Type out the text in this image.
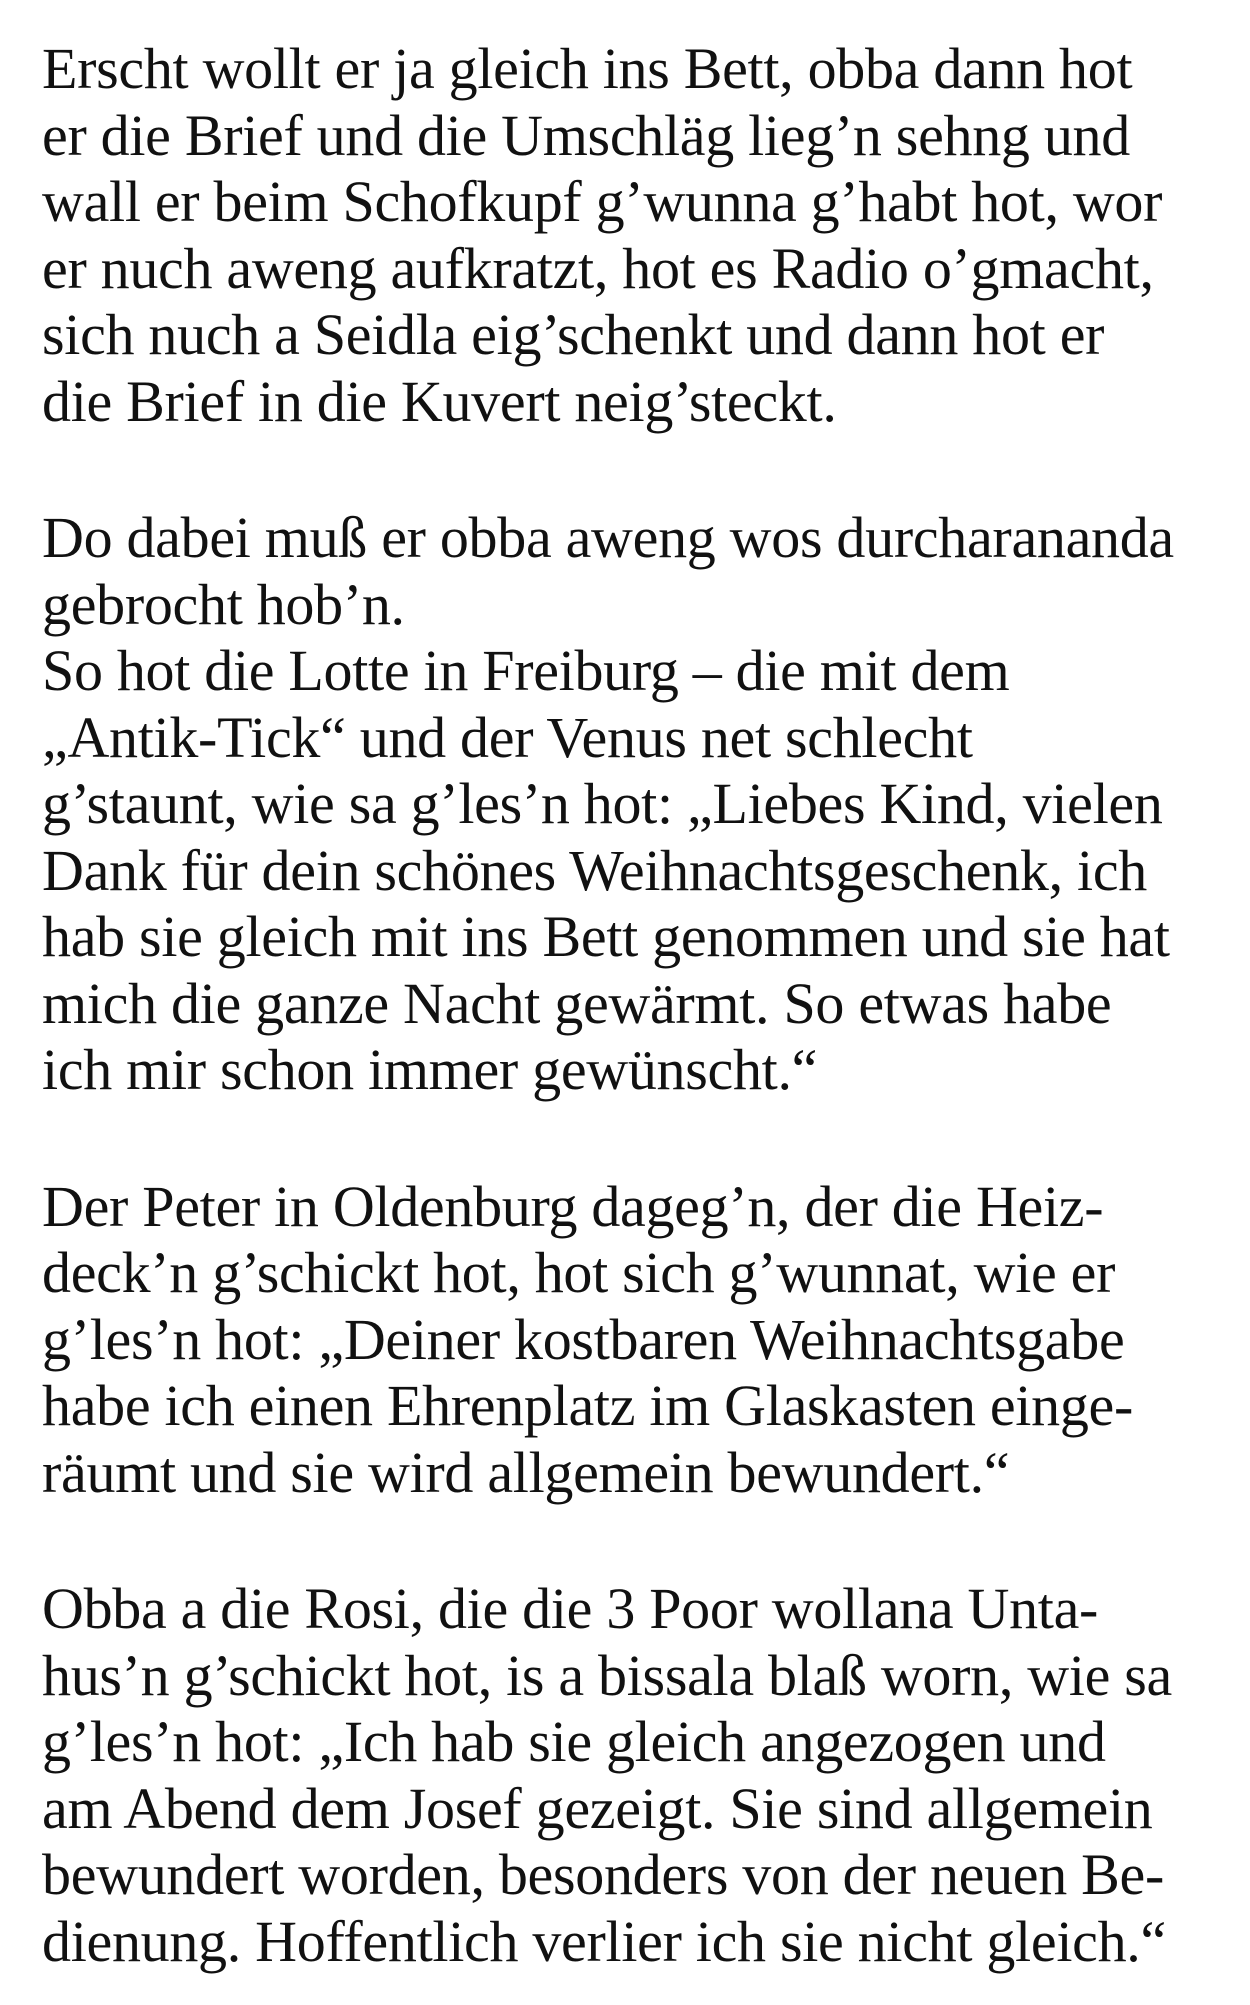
Erscht wollt er ja gleich ins Bett, obba dann hot
er die Brief und die Umschläg lieg’n sehng und
wall er beim Schofkupf g’wunna g’habt hot, wor
er nuch aweng aufkratzt, hot es Radio o’gmacht,
sich nuch a Seidla eig’schenkt und dann hot er
die Brief in die Kuvert neig’steckt.

Do dabei muß er obba aweng wos durcharananda
gebrocht hob’n.
So hot die Lotte in Freiburg – die mit dem
„Antik-Tick“ und der Venus net schlecht
g’staunt, wie sa g’les’n hot: „Liebes Kind, vielen
Dank für dein schönes Weihnachtsgeschenk, ich
hab sie gleich mit ins Bett genommen und sie hat
mich die ganze Nacht gewärmt. So etwas habe
ich mir schon immer gewünscht.“

Der Peter in Oldenburg dageg’n, der die Heiz-
deck’n g’schickt hot, hot sich g’wunnat, wie er
g’les’n hot: „Deiner kostbaren Weihnachtsgabe
habe ich einen Ehrenplatz im Glaskasten einge-
räumt und sie wird allgemein bewundert.“

Obba a die Rosi, die die 3 Poor wollana Unta-
hus’n g’schickt hot, is a bissala blaß worn, wie sa
g’les’n hot: „Ich hab sie gleich angezogen und
am Abend dem Josef gezeigt. Sie sind allgemein
bewundert worden, besonders von der neuen Be-
dienung. Hoffentlich verlier ich sie nicht gleich.“
